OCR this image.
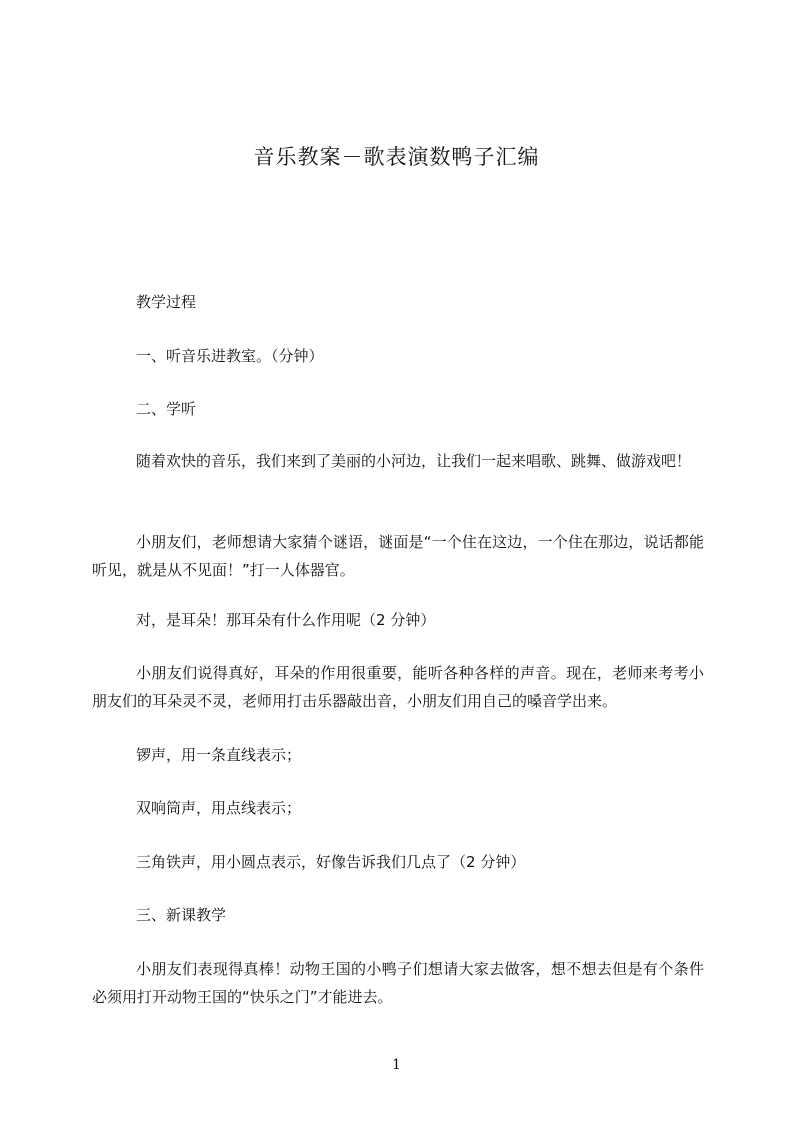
音乐教案－歌表演数鸭子汇编

教学过程

一、听音乐进教室。（分钟）

二、学听

随着欢快的音乐，我们来到了美丽的小河边，让我们一起来唱歌、跳舞、做游戏吧！

小朋友们，老师想请大家猜个谜语，谜面是“一个住在这边，一个住在那边，说话都能听见，就是从不见面！”打一人体器官。

对，是耳朵！那耳朵有什么作用呢（2 分钟）

小朋友们说得真好，耳朵的作用很重要，能听各种各样的声音。现在，老师来考考小朋友们的耳朵灵不灵，老师用打击乐器敲出音，小朋友们用自己的嗓音学出来。

锣声，用一条直线表示；

双响筒声，用点线表示；

三角铁声，用小圆点表示，好像告诉我们几点了（2 分钟）

三、新课教学

小朋友们表现得真棒！动物王国的小鸭子们想请大家去做客，想不想去但是有个条件必须用打开动物王国的“快乐之门”才能进去。

1
